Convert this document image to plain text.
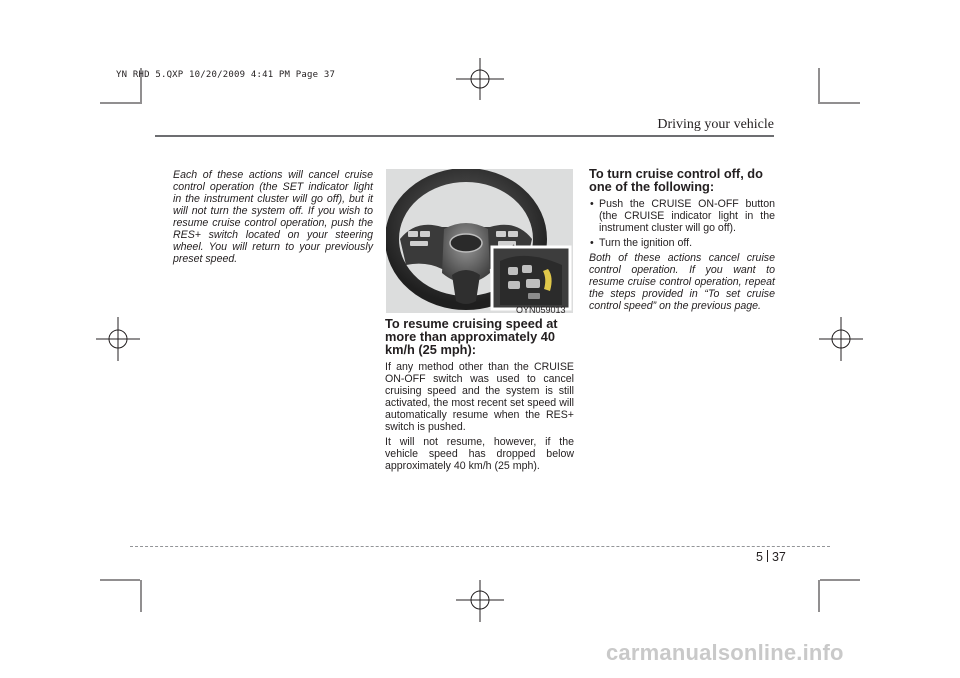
YN RHD 5.QXP 10/20/2009 4:41 PM Page 37
Driving your vehicle

Each of these actions will cancel cruise control operation (the SET indicator light in the instrument cluster will go off), but it will not turn the system off. If you wish to resume cruise control operation, push the RES+ switch located on your steering wheel. You will return to your previously preset speed.

OYN059013
To resume cruising speed at more than approximately 40 km/h (25 mph):

If any method other than the CRUISE ON-OFF switch was used to cancel cruising speed and the system is still activated, the most recent set speed will automatically resume when the RES+ switch is pushed.

It will not resume, however, if the vehicle speed has dropped below approximately 40 km/h (25 mph).

To turn cruise control off, do one of the following:
• Push the CRUISE ON-OFF button (the CRUISE indicator light in the instrument cluster will go off).
• Turn the ignition off.

Both of these actions cancel cruise control operation. If you want to resume cruise control operation, repeat the steps provided in “To set cruise control speed” on the previous page.

5 37
carmanualsonline.info
